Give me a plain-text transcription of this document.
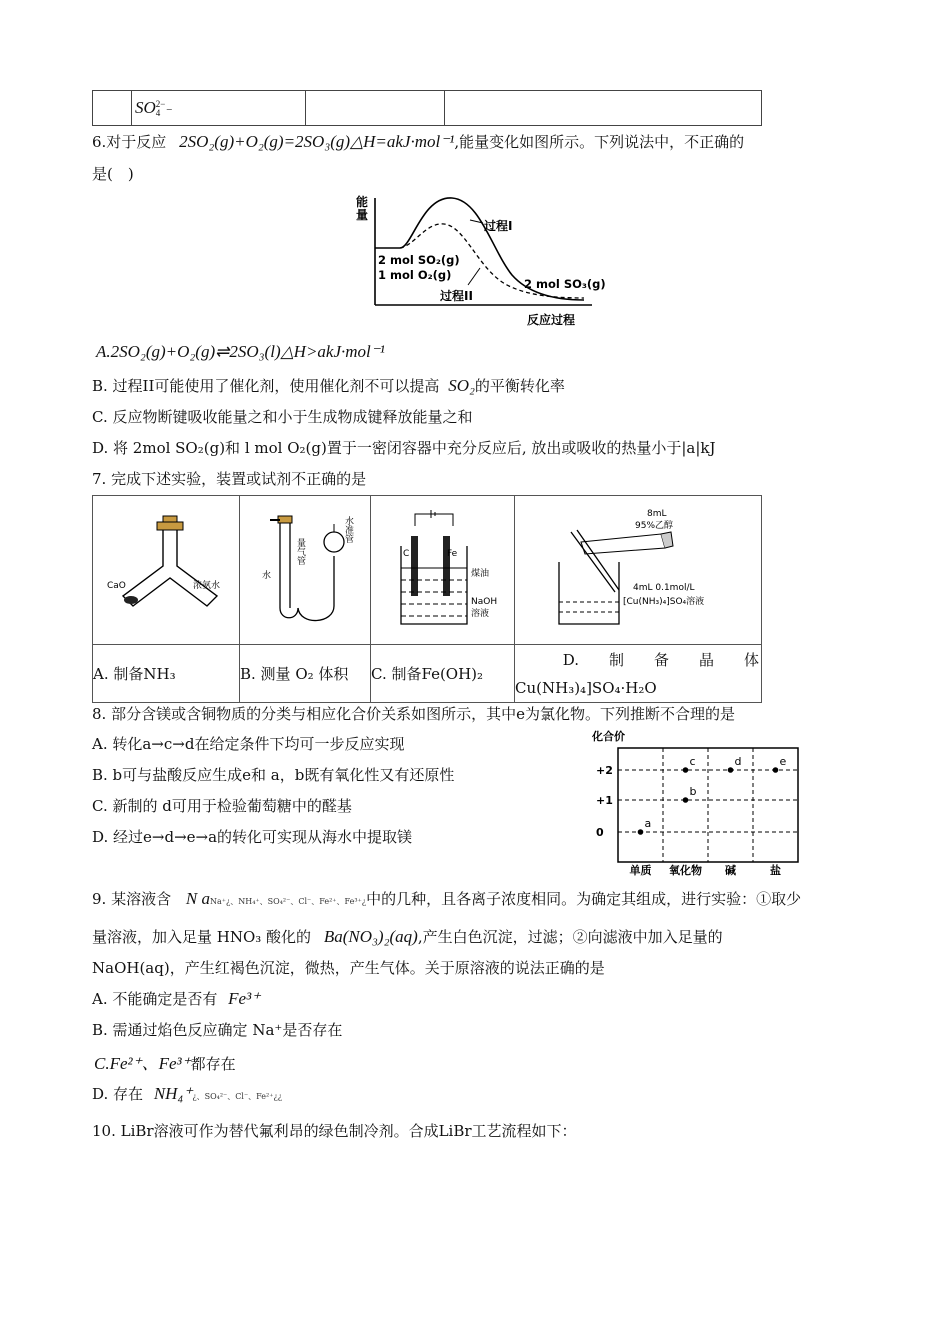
	SO2−
4 −		
6.对于反应 2SO₂(g)+O₂(g)=2SO₃(g)△H=akJ·mol⁻¹,能量变化如图所示。下列说法中，不正确的
是(　)
能
量
过程I
过程II
2 mol SO₂(g)
1 mol O₂(g)
2 mol SO₃(g)
反应过程
A.2SO₂(g)+O₂(g)⇌2SO₃(l)△H>akJ·mol⁻¹
B. 过程II可能使用了催化剂，使用催化剂不可以提高 SO₂的平衡转化率
C. 反应物断键吸收能量之和小于生成物成键释放能量之和
D. 将 2mol SO₂(g)和 l mol O₂(g)置于一密闭容器中充分反应后, 放出或吸收的热量小于|a|kJ
7. 完成下述实验，装置或试剂不正确的是
CaO 浓氨水	量气管
水
水准管	C Fe
煤油
NaOH
溶液	8mL
95%乙醇
4mL 0.1mol/L
[Cu(NH₃)₄]SO₄溶液

A. 制备NH₃	B. 测量 O₂ 体积	C. 制备Fe(OH)₂	D.　　制　　备　　晶　　体
Cu(NH₃)₄]SO₄·H₂O
8. 部分含镁或含铜物质的分类与相应化合价关系如图所示，其中e为氯化物。下列推断不合理的是
A. 转化a→c→d在给定条件下均可一步反应实现
B. b可与盐酸反应生成e和 a，b既有氧化性又有还原性
C. 新制的 d可用于检验葡萄糖中的醛基
D. 经过e→d→e→a的转化可实现从海水中提取镁
化合价
+2
+1
0
单质 氧化物 碱	盐
a
b
c	d	e
9. 某溶液含 N aNa⁺¿、NH₄⁺、SO₄²⁻、Cl⁻、Fe²⁺、Fe³⁺¿中的几种，且各离子浓度相同。为确定其组成，进行实验：①取少
量溶液，加入足量 HNO₃ 酸化的 Ba(NO₃)₂(aq),产生白色沉淀，过滤；②向滤液中加入足量的
NaOH(aq)，产生红褐色沉淀，微热，产生气体。关于原溶液的说法正确的是
A. 不能确定是否有 Fe³⁺
B. 需通过焰色反应确定 Na⁺是否存在
C.Fe²⁺、Fe³⁺都存在
D. 存在 NH₄⁺¿、SO₄²⁻、Cl⁻、Fe²⁺¿¿
10. LiBr溶液可作为替代氟利昂的绿色制冷剂。合成LiBr工艺流程如下：
